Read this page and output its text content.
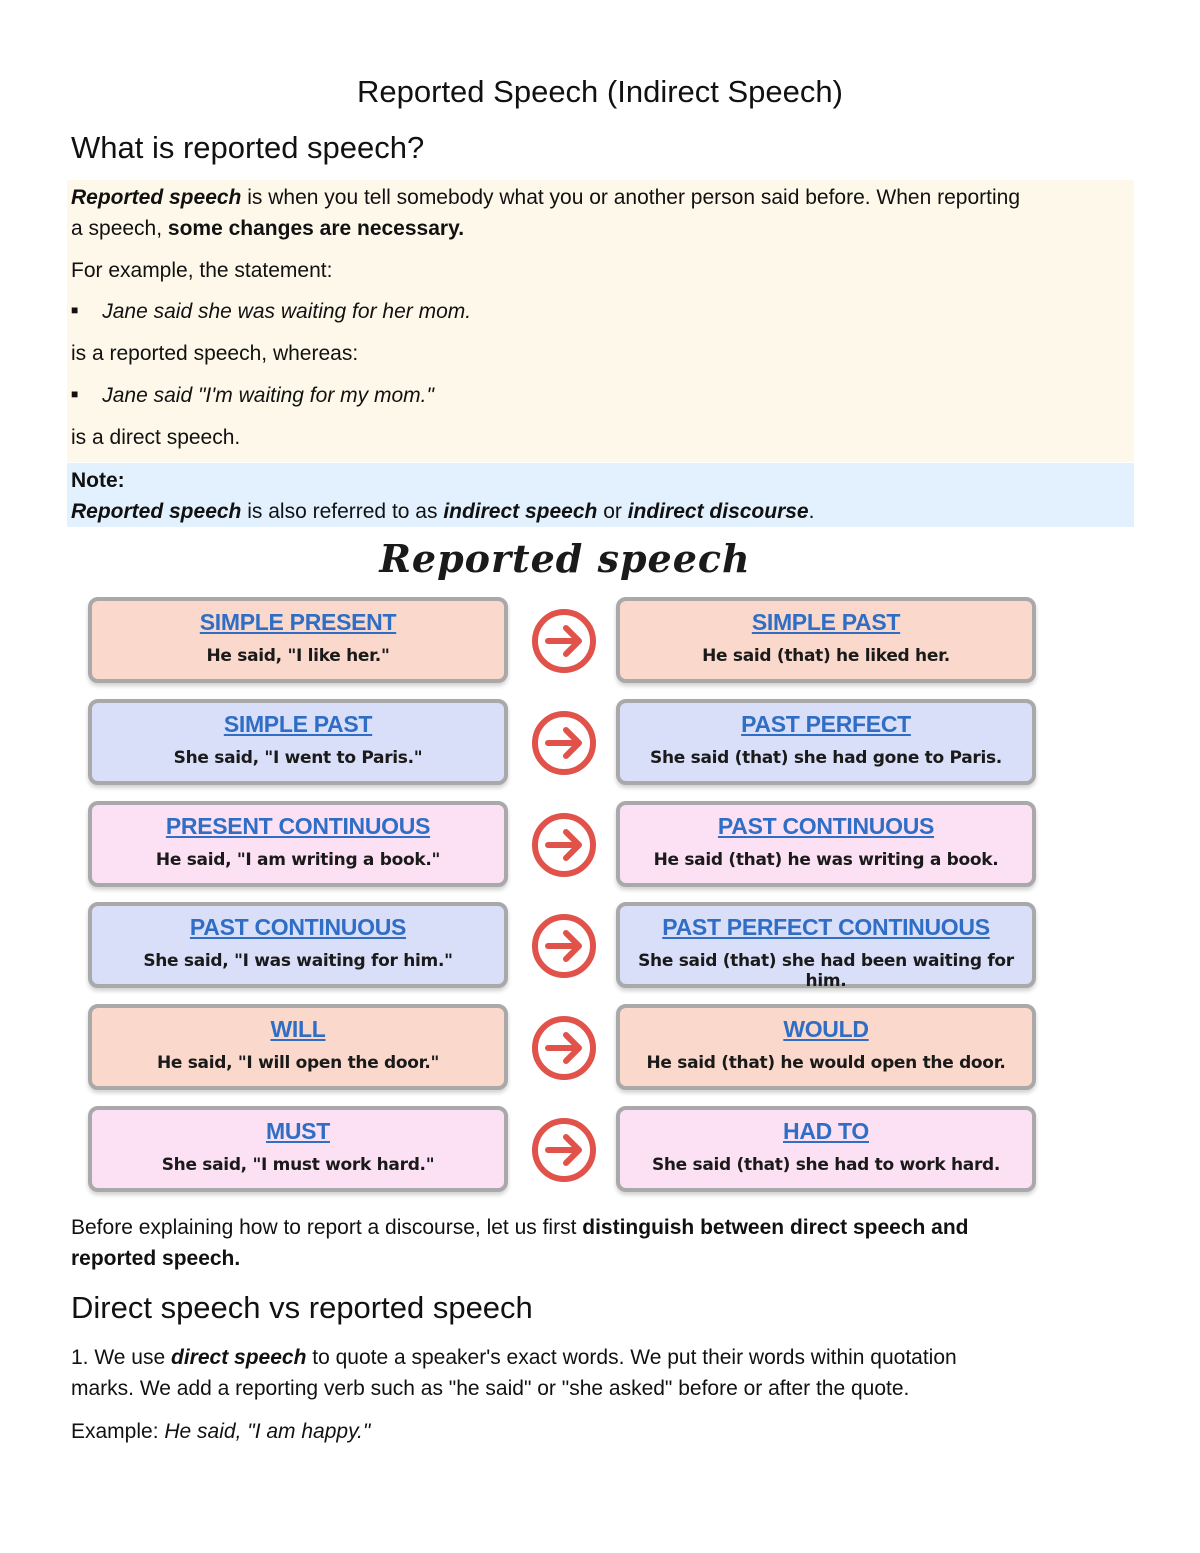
Reported Speech (Indirect Speech)
What is reported speech?
Reported speech is when you tell somebody what you or another person said before. When reporting
a speech, some changes are necessary.
For example, the statement:
■ Jane said she was waiting for her mom.
is a reported speech, whereas:
■ Jane said "I'm waiting for my mom."
is a direct speech.
Note:
Reported speech is also referred to as indirect speech or indirect discourse.
Reported speech
SIMPLE PRESENT
He said, "I like her."
SIMPLE PAST
He said (that) he liked her.
SIMPLE PAST
She said, "I went to Paris."
PAST PERFECT
She said (that) she had gone to Paris.
PRESENT CONTINUOUS
He said, "I am writing a book."
PAST CONTINUOUS
He said (that) he was writing a book.
PAST CONTINUOUS
She said, "I was waiting for him."
PAST PERFECT CONTINUOUS
She said (that) she had been waiting for him.
WILL
He said, "I will open the door."
WOULD
He said (that) he would open the door.
MUST
She said, "I must work hard."
HAD TO
She said (that) she had to work hard.
Before explaining how to report a discourse, let us first distinguish between direct speech and
reported speech.
Direct speech vs reported speech
1. We use direct speech to quote a speaker's exact words. We put their words within quotation
marks. We add a reporting verb such as "he said" or "she asked" before or after the quote.
Example: He said, "I am happy."
